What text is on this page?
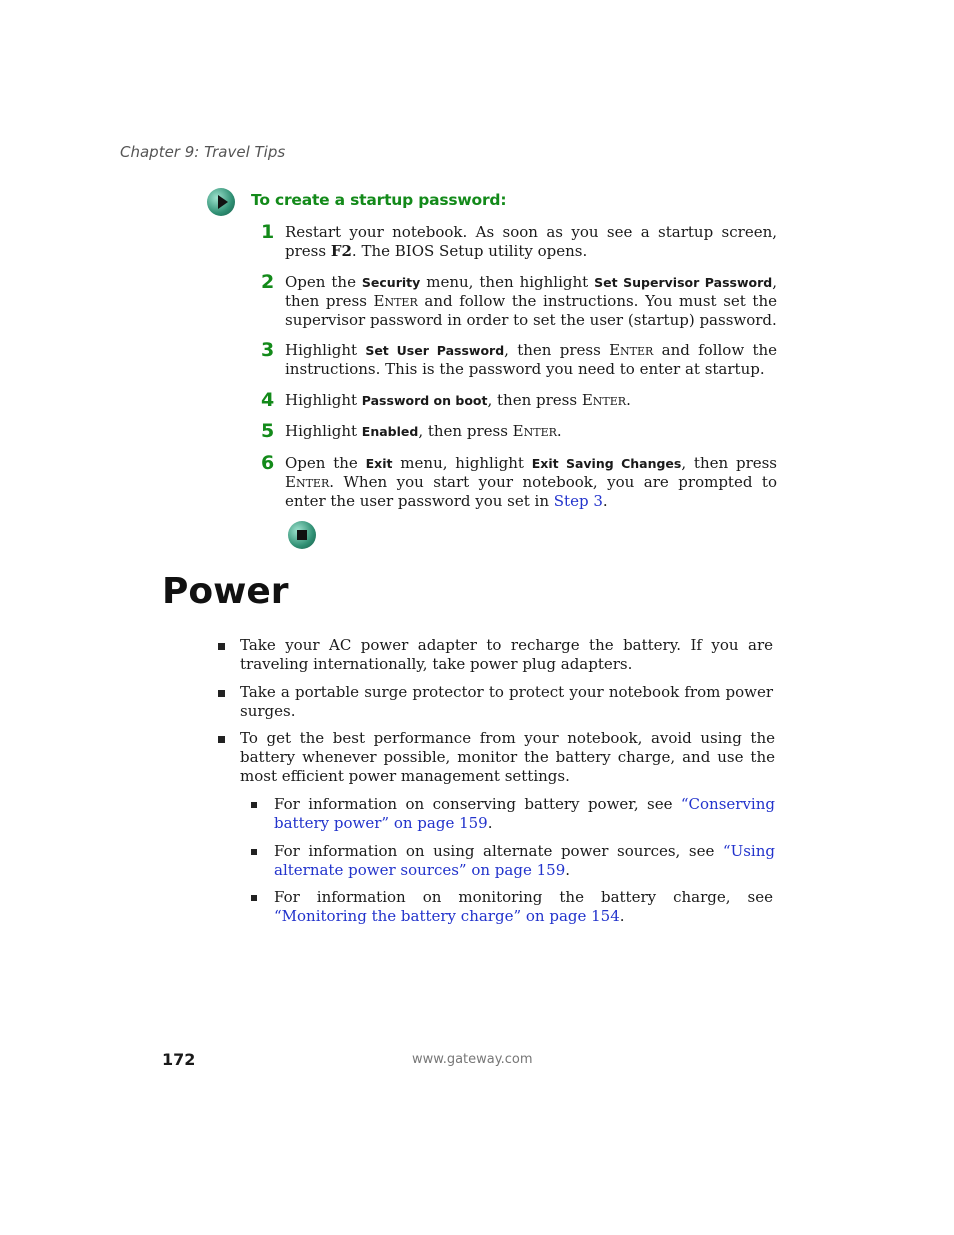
Chapter 9: Travel Tips
To create a startup password:
1 Restart your notebook. As soon as you see a startup screen, press F2. The BIOS Setup utility opens.
2 Open the Security menu, then highlight Set Supervisor Password, then press Enter and follow the instructions. You must set the supervisor password in order to set the user (startup) password.
3 Highlight Set User Password, then press Enter and follow the instructions. This is the password you need to enter at startup.
4 Highlight Password on boot, then press Enter.
5 Highlight Enabled, then press Enter.
6 Open the Exit menu, highlight Exit Saving Changes, then press Enter. When you start your notebook, you are prompted to enter the user password you set in Step 3.
Power
Take your AC power adapter to recharge the battery. If you are traveling internationally, take power plug adapters.
Take a portable surge protector to protect your notebook from power surges.
To get the best performance from your notebook, avoid using the battery whenever possible, monitor the battery charge, and use the most efficient power management settings.
For information on conserving battery power, see “Conserving battery power” on page 159.
For information on using alternate power sources, see “Using alternate power sources” on page 159.
For information on monitoring the battery charge, see “Monitoring the battery charge” on page 154.
172	www.gateway.com
